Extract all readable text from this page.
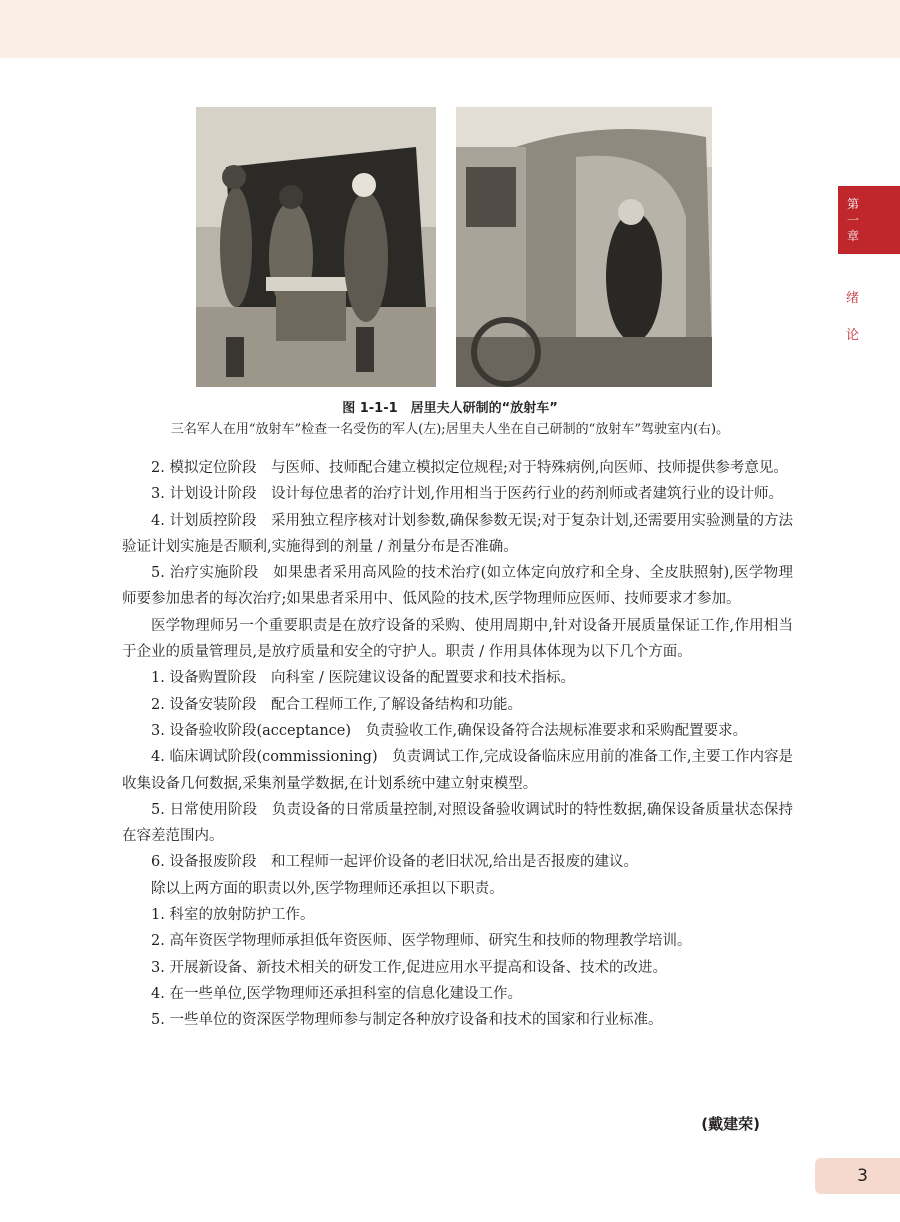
图 1-1-1　居里夫人研制的“放射车”
三名军人在用“放射车”检查一名受伤的军人(左);居里夫人坐在自己研制的“放射车”驾驶室内(右)。

2. 模拟定位阶段　与医师、技师配合建立模拟定位规程;对于特殊病例,向医师、技师提供参考意见。

3. 计划设计阶段　设计每位患者的治疗计划,作用相当于医药行业的药剂师或者建筑行业的设计师。

4. 计划质控阶段　采用独立程序核对计划参数,确保参数无误;对于复杂计划,还需要用实验测量的方法验证计划实施是否顺利,实施得到的剂量 / 剂量分布是否准确。

5. 治疗实施阶段　如果患者采用高风险的技术治疗(如立体定向放疗和全身、全皮肤照射),医学物理师要参加患者的每次治疗;如果患者采用中、低风险的技术,医学物理师应医师、技师要求才参加。

医学物理师另一个重要职责是在放疗设备的采购、使用周期中,针对设备开展质量保证工作,作用相当于企业的质量管理员,是放疗质量和安全的守护人。职责 / 作用具体体现为以下几个方面。

1. 设备购置阶段　向科室 / 医院建议设备的配置要求和技术指标。

2. 设备安装阶段　配合工程师工作,了解设备结构和功能。

3. 设备验收阶段(acceptance)　负责验收工作,确保设备符合法规标准要求和采购配置要求。

4. 临床调试阶段(commissioning)　负责调试工作,完成设备临床应用前的准备工作,主要工作内容是收集设备几何数据,采集剂量学数据,在计划系统中建立射束模型。

5. 日常使用阶段　负责设备的日常质量控制,对照设备验收调试时的特性数据,确保设备质量状态保持在容差范围内。

6. 设备报废阶段　和工程师一起评价设备的老旧状况,给出是否报废的建议。

除以上两方面的职责以外,医学物理师还承担以下职责。

1. 科室的放射防护工作。

2. 高年资医学物理师承担低年资医师、医学物理师、研究生和技师的物理教学培训。

3. 开展新设备、新技术相关的研发工作,促进应用水平提高和设备、技术的改进。

4. 在一些单位,医学物理师还承担科室的信息化建设工作。

5. 一些单位的资深医学物理师参与制定各种放疗设备和技术的国家和行业标准。

(戴建荣)
第一章
绪论
3
